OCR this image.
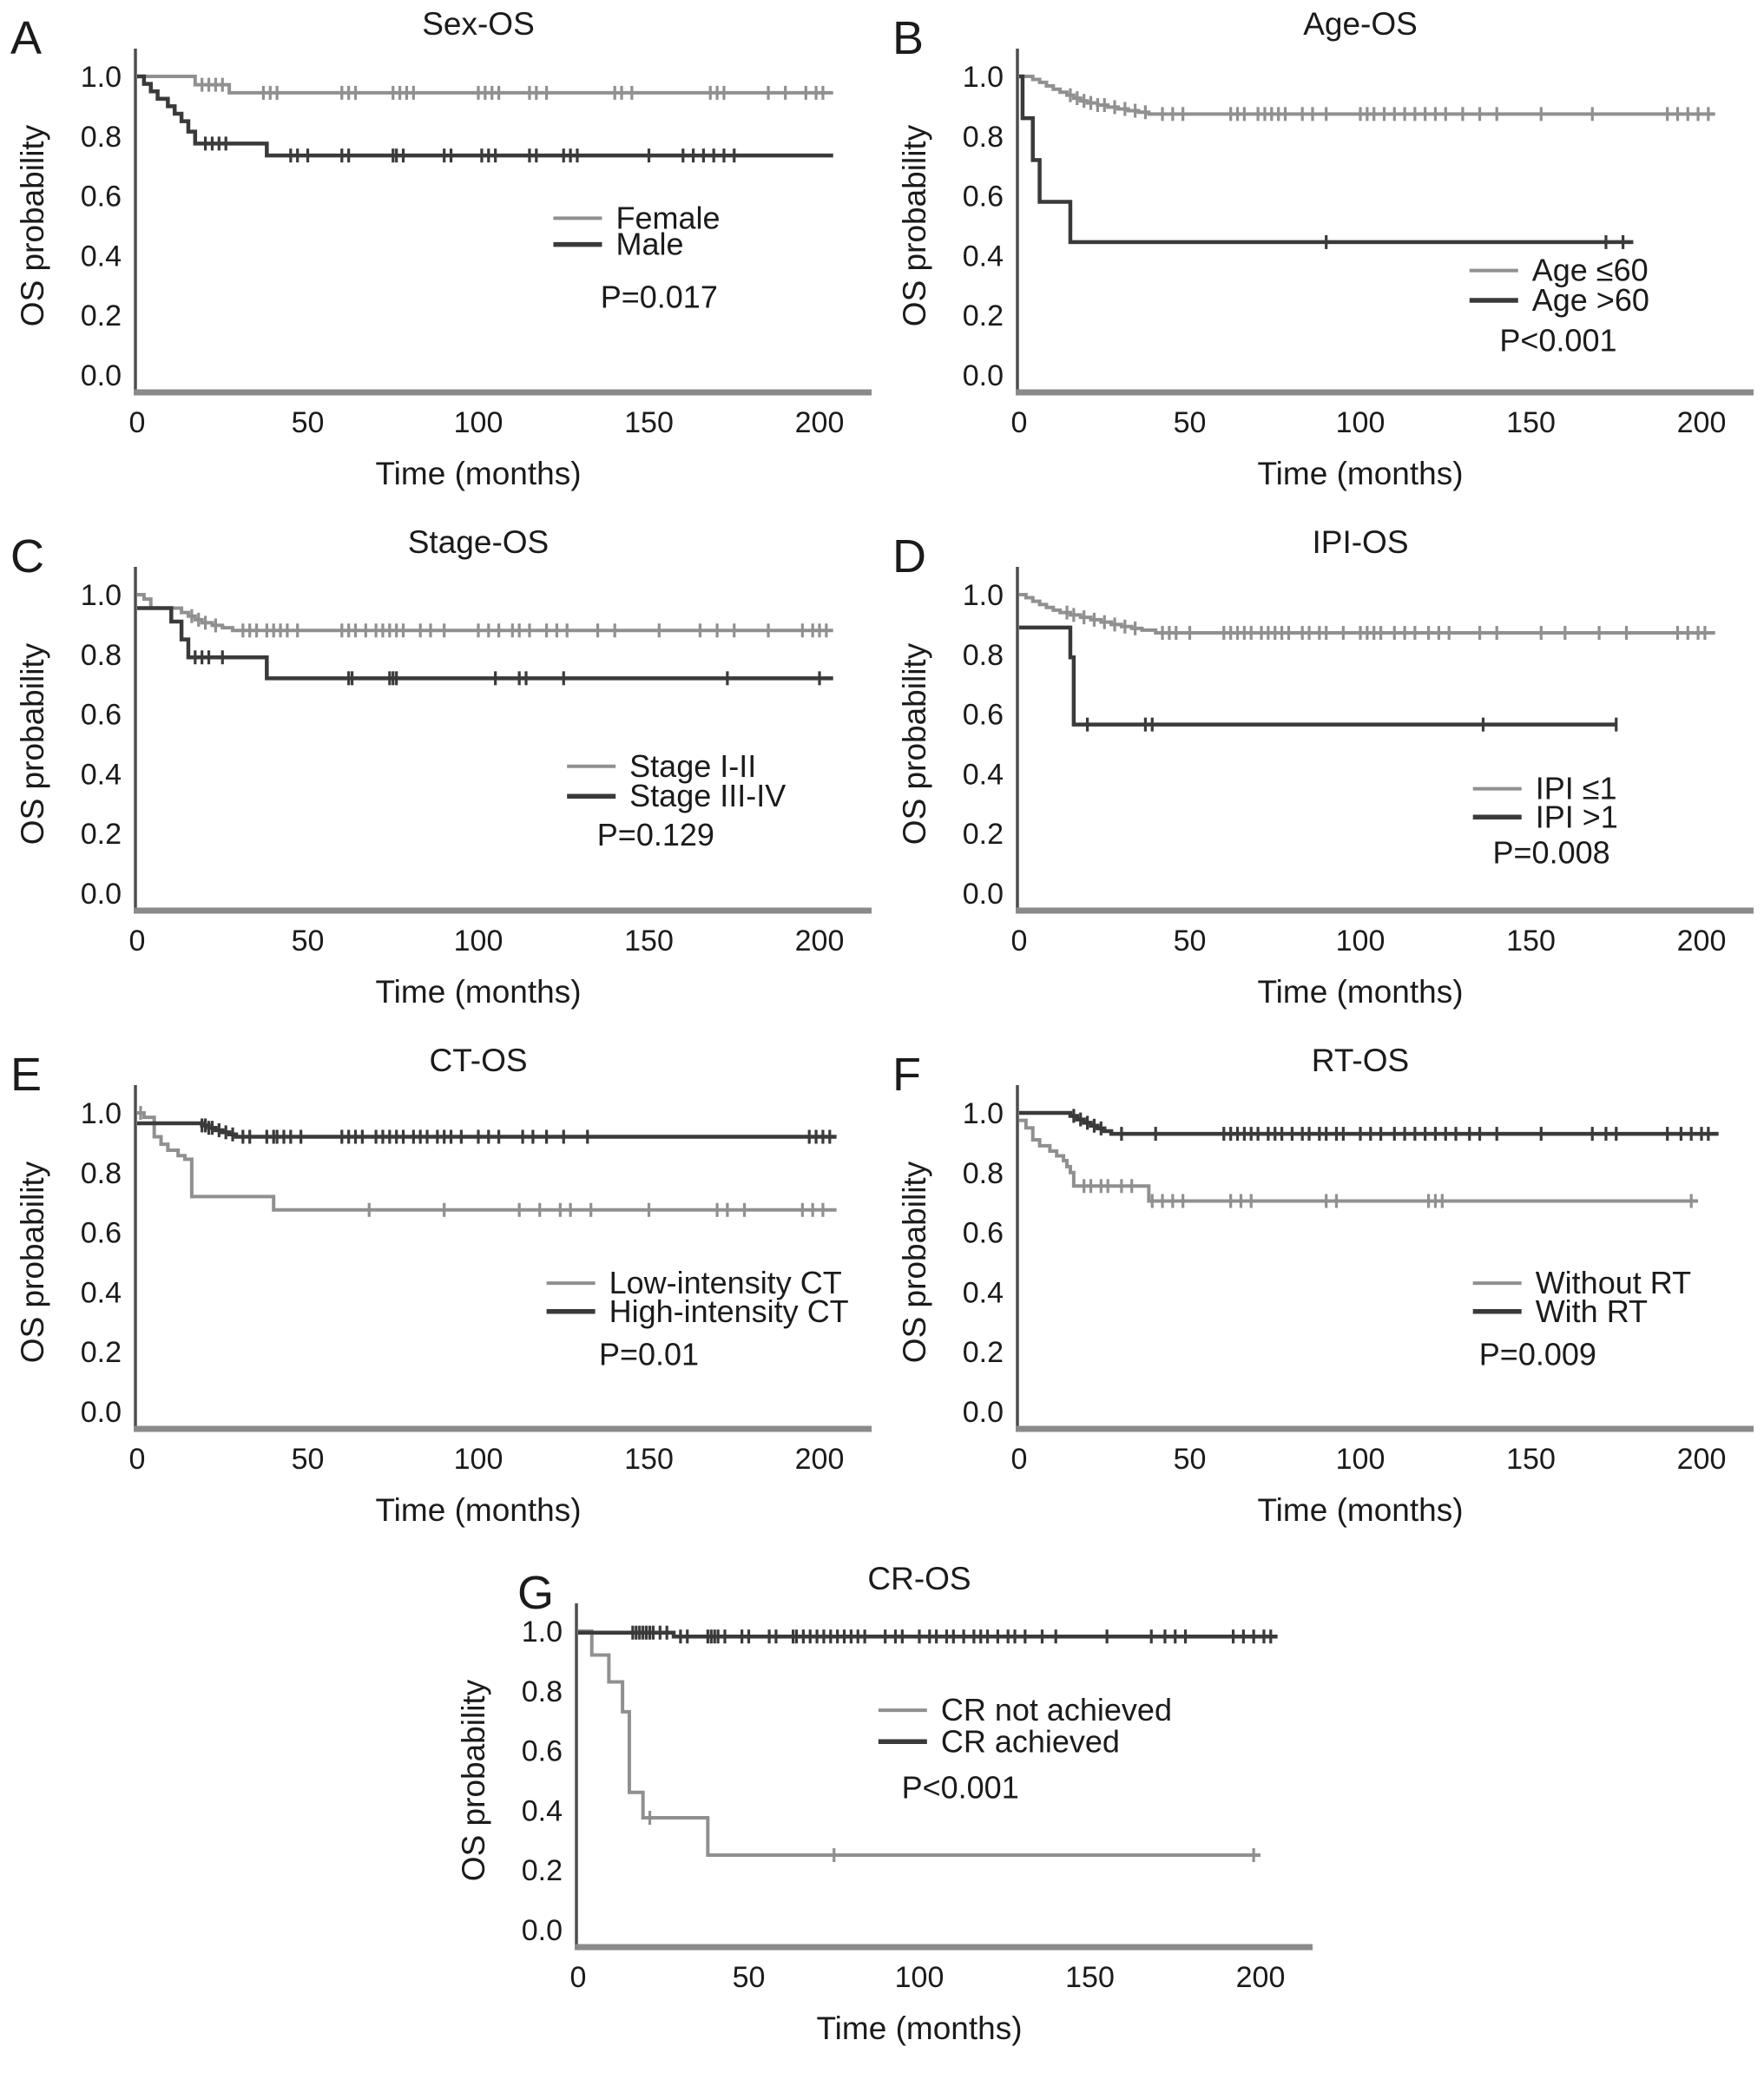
A	Sex-OS
1.0
0.8
0.6
0.4
0.2
0.0
0	50	100	150	200
Time (months)
OS probability	Female
Male
P=0.017
B	Age-OS
1.0
0.8
0.6
0.4
0.2
0.0
0	50	100	150	200
Time (months)
OS probability	Age ≤60
Age >60
P<0.001
C	Stage-OS
1.0
0.8
0.6
0.4
0.2
0.0
0	50	100	150	200
Time (months)
OS probability	Stage I-II
Stage III-IV
P=0.129
D	IPI-OS
1.0
0.8
0.6
0.4
0.2
0.0
0	50	100	150	200
Time (months)
OS probability	IPI ≤1
IPI >1
P=0.008
E	CT-OS
1.0
0.8
0.6
0.4
0.2
0.0
0	50	100	150	200
Time (months)
OS probability	Low-intensity CT
High-intensity CT
P=0.01
F	RT-OS
1.0
0.8
0.6
0.4
0.2
0.0
0	50	100	150	200
Time (months)
OS probability	Without RT
With RT
P=0.009
G	CR-OS
1.0
0.8
0.6
0.4
0.2
0.0
0	50	100	150	200
Time (months)
OS probability	CR not achieved
CR achieved
P<0.001
